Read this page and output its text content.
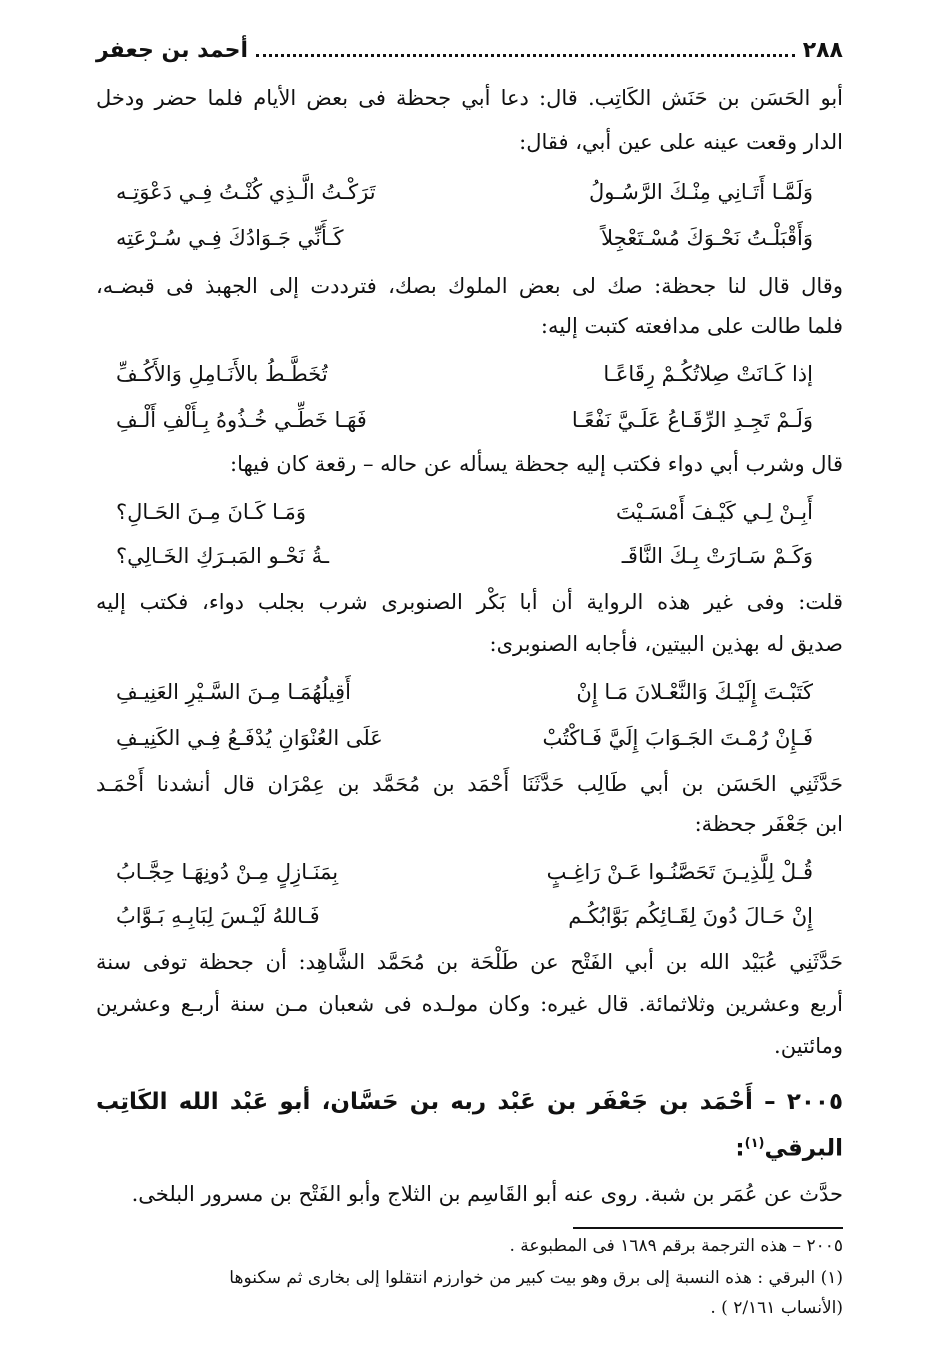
٢٨٨
أحمد بن جعفر
أبو الحَسَن بن حَنَش الكَاتِب. قال: دعا أبي جحظة فى بعض الأيام فلما حضر ودخل
الدار وقعت عينه على عين أبي، فقال:
وَلَمَّـا أَتَـانِي مِنْـكَ الرَّسُـولُ
تَرَكْـتُ الَّـذِي كُنْـتُ فِـي دَعْوَتِـه
وَأَقْبَلْـتُ نَحْـوَكَ مُسْـتَعْجِلاً
كَـأَنِّي جَـوَادُكَ فِـي سُـرْعَتِه
وقال قال لنا جحظة: صك لى بعض الملوك بصك، فترددت إلى الجهبذ فى قبضـه،
فلما طالت على مدافعته كتبت إليه:
إذا كَـانَتْ صِلاتُكُـمْ رِقَاعًـا
تُخَطَّـطُ بالأَنَـامِلِ وَالأَكُـفِّ
وَلَـمْ تَجِـدِ الرِّقَـاعُ عَلَـيَّ نَفْعًـا
فَهَـا خَطِّـي خُـذُوهُ بِـأَلْفِ أَلْـفِ
قال وشرب أبي دواء فكتب إليه جحظة يسأله عن حاله – رقعة كان فيها:
أَبِـنْ لِـي كَيْـفَ أَمْسَـيْتَ
وَمَـا كَـانَ مِـنَ الحَـالِ؟
وَكَـمْ سَـارَتْ بِـكَ النَّاقَـ
ـةُ نَحْـو المَبـرَكِ الخَـالِي؟
قلت: وفى غير هذه الرواية أن أبا بَكْر الصنوبرى شرب بجلب دواء، فكتب إليه
صديق له بهذين البيتين، فأجابه الصنوبرى:
كَتَبْـتَ إِلَيْـكَ وَالنَّعْـلانَ مَـا إِنْ
أَقِيلُهُمَـا مِـنَ السَّـيْرِ العَنِيـفِ
فَـإِنْ رُمْـتَ الجَـوَابَ إِلَيَّ فَـاكْتُبْ
عَلَى العُنْوَانِ يُدْفَـعُ فِـي الكَنِيـفِ
حَدَّثَنِي الحَسَن بن أبي طَالِب حَدَّثَنَا أَحْمَد بن مُحَمَّد بن عِمْرَان قال أنشدنا أَحْمَـد
ابن جَعْفَر جحظة:
قُـلْ لِلَّذِيـنَ تَحَصَّنُـوا عَـنْ رَاغِـبٍ
بِمَنَـازِلٍ مِـنْ دُونِهَـا حِجَّـابُ
إِنْ حَـالَ دُونَ لِقَـائِكُم بَوَّابُكُـم
فَـاللهُ لَيْـسَ لِبَابِـهِ بَـوَّابُ
حَدَّثَنِي عُبَيْد الله بن أبي الفَتْح عن طَلْحَة بن مُحَمَّد الشَّاهِد: أن جحظة توفى سنة
أربع وعشرين وثلاثمائة. قال غيره: وكان مولـده فى شعبان مـن سنة أربـع وعشرين
ومائتين.
٢٠٠٥ – أَحْمَد بن جَعْفَر بن عَبْد ربه بن حَسَّان، أبو عَبْد الله الكَاتِب
البرقي$^{(١)}$:
حدَّث عن عُمَر بن شبة. روى عنه أبو القَاسِم بن الثلاج وأبو الفَتْح بن مسرور البلخى.
٢٠٠٥ – هذه الترجمة برقم ١٦٨٩ فى المطبوعة .
(١) البرقي : هذه النسبة إلى برق وهو بيت كبير من خوارزم انتقلوا إلى بخارى ثم سكنوها
(الأنساب ٢/١٦١ ) .
